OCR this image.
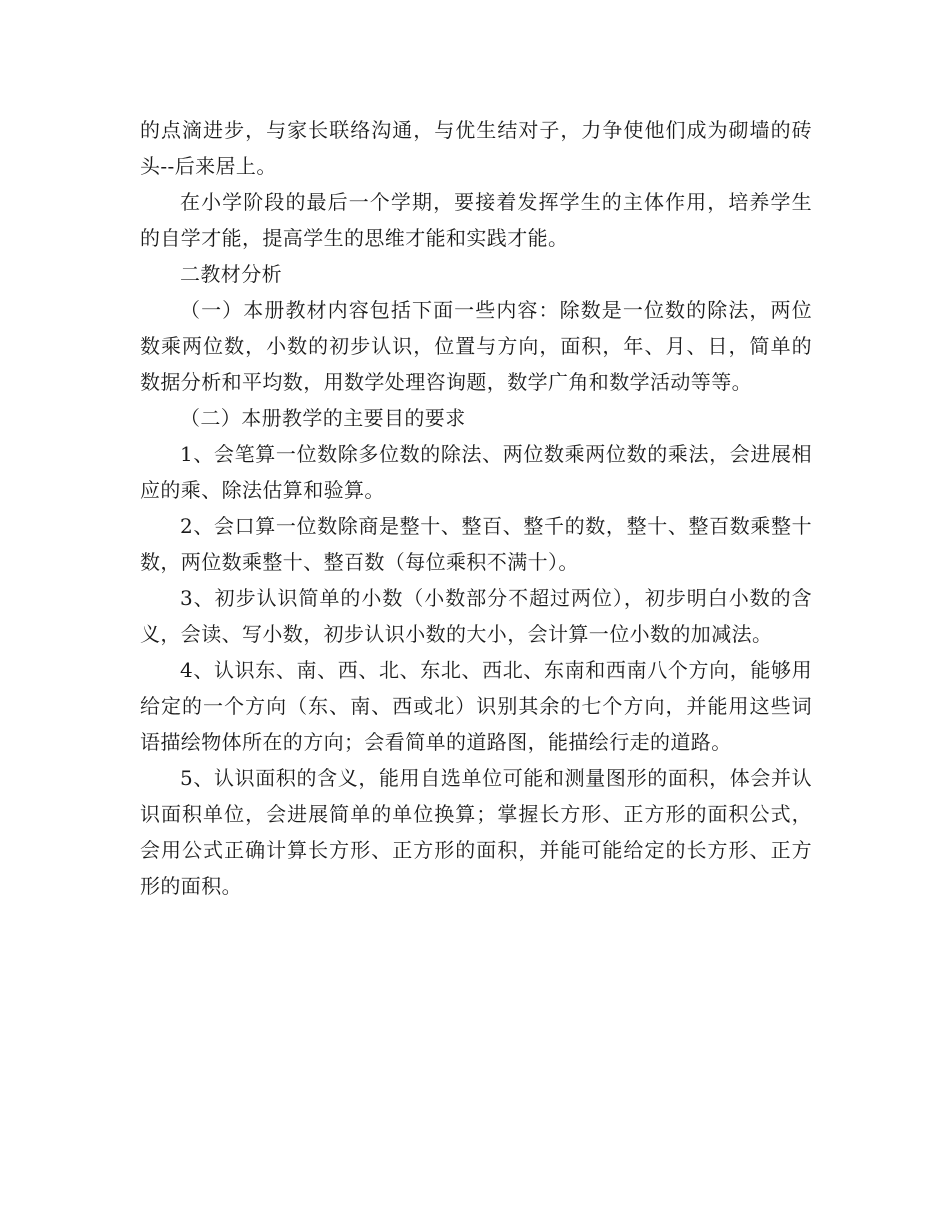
的点滴进步，与家长联络沟通，与优生结对子，力争使他们成为砌墙的砖头--后来居上。

在小学阶段的最后一个学期，要接着发挥学生的主体作用，培养学生的自学才能，提高学生的思维才能和实践才能。

二教材分析

（一）本册教材内容包括下面一些内容：除数是一位数的除法，两位数乘两位数，小数的初步认识，位置与方向，面积，年、月、日，简单的数据分析和平均数，用数学处理咨询题，数学广角和数学活动等等。

（二）本册教学的主要目的要求

1、会笔算一位数除多位数的除法、两位数乘两位数的乘法，会进展相应的乘、除法估算和验算。

2、会口算一位数除商是整十、整百、整千的数，整十、整百数乘整十数，两位数乘整十、整百数（每位乘积不满十）。

3、初步认识简单的小数（小数部分不超过两位），初步明白小数的含义，会读、写小数，初步认识小数的大小，会计算一位小数的加减法。

4、认识东、南、西、北、东北、西北、东南和西南八个方向，能够用给定的一个方向（东、南、西或北）识别其余的七个方向，并能用这些词语描绘物体所在的方向；会看简单的道路图，能描绘行走的道路。

5、认识面积的含义，能用自选单位可能和测量图形的面积，体会并认识面积单位，会进展简单的单位换算；掌握长方形、正方形的面积公式，会用公式正确计算长方形、正方形的面积，并能可能给定的长方形、正方形的面积。
